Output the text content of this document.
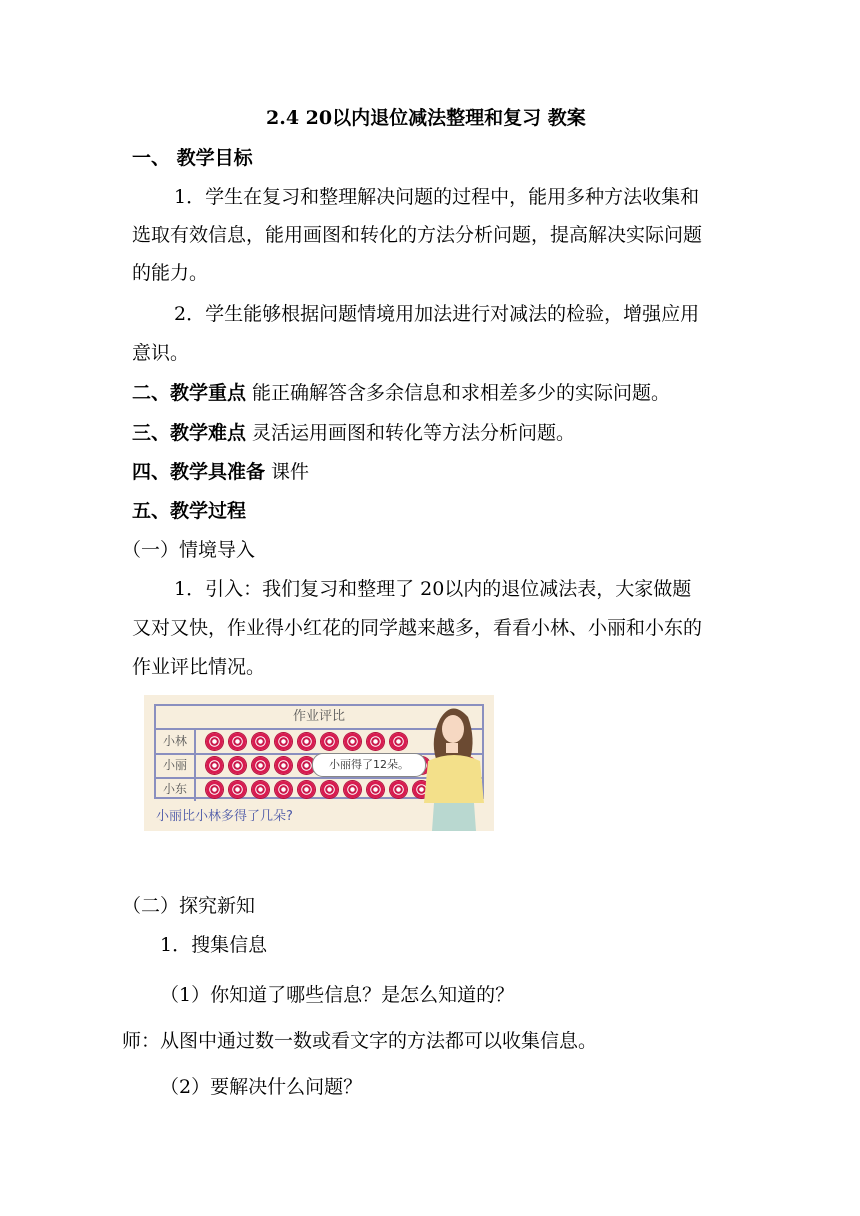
2.4 20以内退位减法整理和复习 教案
一、 教学目标
1．学生在复习和整理解决问题的过程中，能用多种方法收集和
选取有效信息，能用画图和转化的方法分析问题，提高解决实际问题
的能力。
2．学生能够根据问题情境用加法进行对减法的检验，增强应用
意识。
二、教学重点 能正确解答含多余信息和求相差多少的实际问题。
三、教学难点 灵活运用画图和转化等方法分析问题。
四、教学具准备 课件
五、教学过程
（一）情境导入
1．引入：我们复习和整理了 20以内的退位减法表，大家做题
又对又快，作业得小红花的同学越来越多，看看小林、小丽和小东的
作业评比情况。
作业评比
小林
小丽
小东
小丽得了12朵。
小丽比小林多得了几朵?
（二）探究新知
1．搜集信息
（1）你知道了哪些信息？是怎么知道的？
师：从图中通过数一数或看文字的方法都可以收集信息。
（2）要解决什么问题？
